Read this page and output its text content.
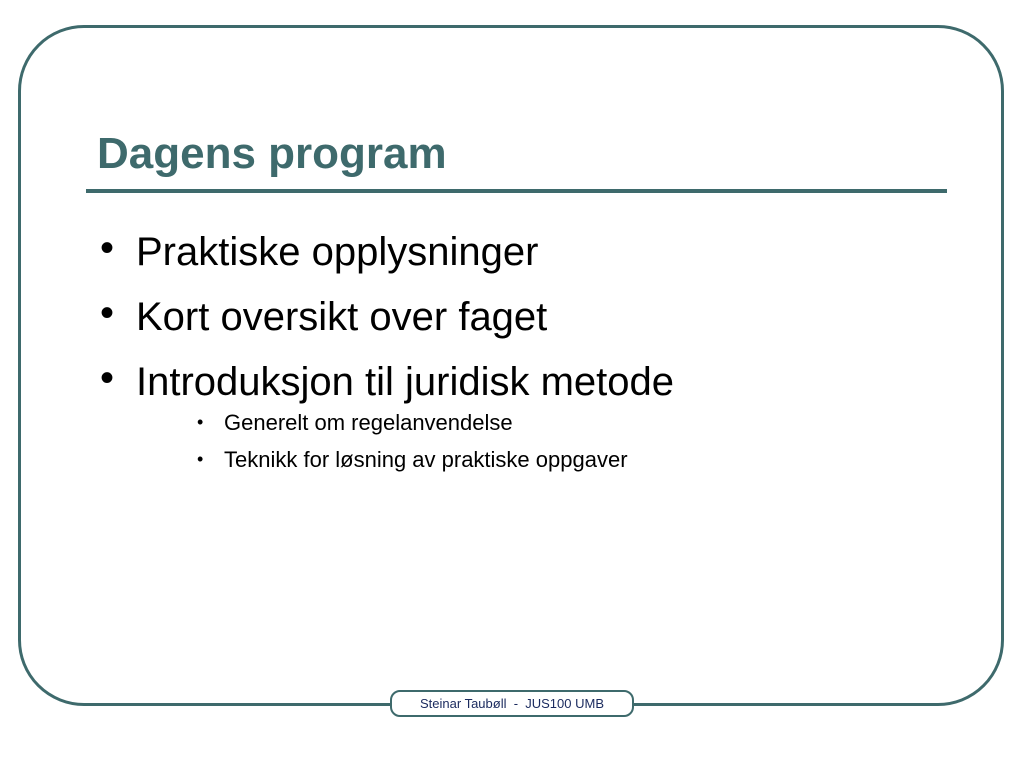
Dagens program
• Praktiske opplysninger
• Kort oversikt over faget
• Introduksjon til juridisk metode
• Generelt om regelanvendelse
• Teknikk for løsning av praktiske oppgaver
Steinar Taubøll  -  JUS100 UMB
